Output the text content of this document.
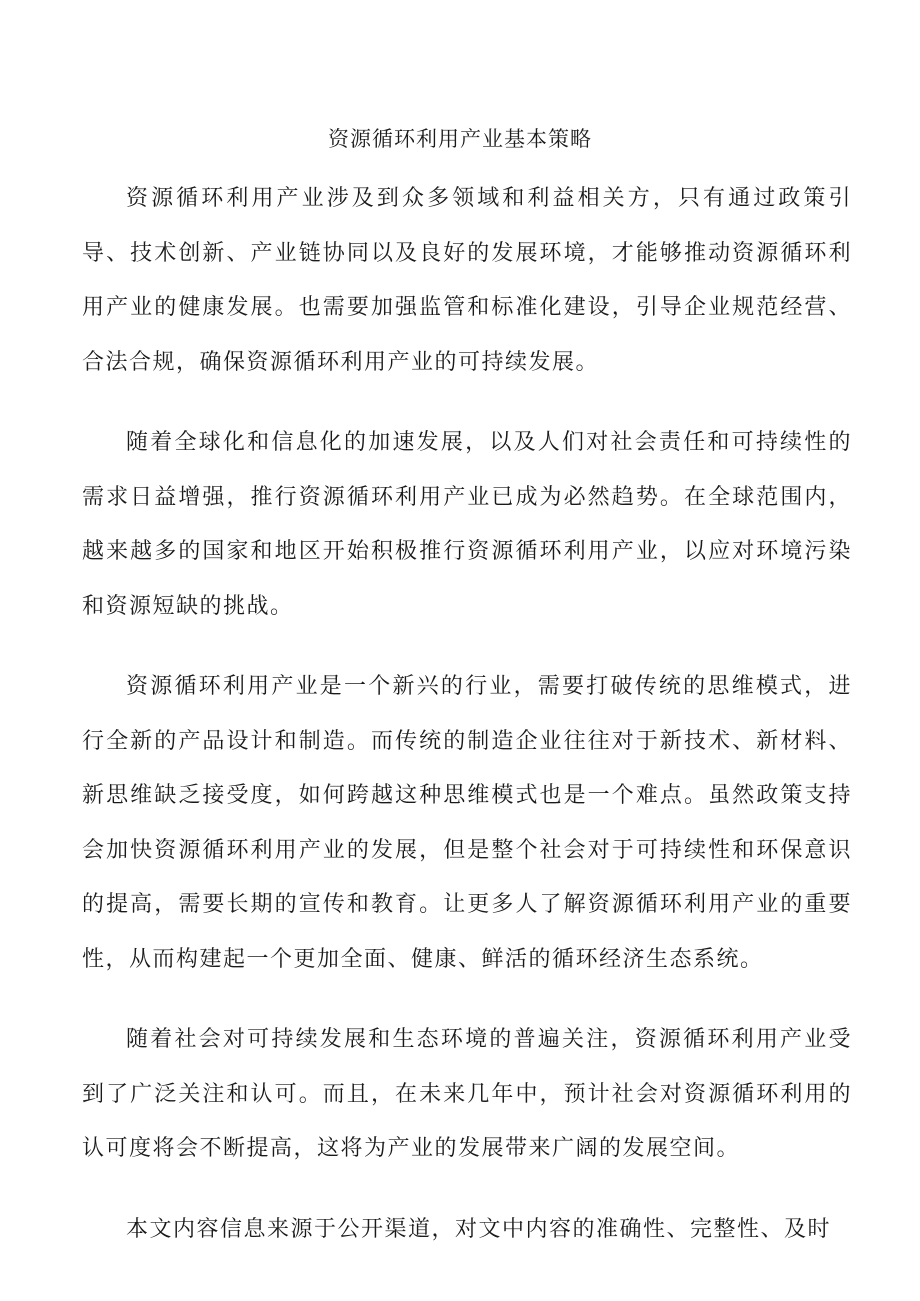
资源循环利用产业基本策略

资源循环利用产业涉及到众多领域和利益相关方，只有通过政策引导、技术创新、产业链协同以及良好的发展环境，才能够推动资源循环利用产业的健康发展。也需要加强监管和标准化建设，引导企业规范经营、合法合规，确保资源循环利用产业的可持续发展。

随着全球化和信息化的加速发展，以及人们对社会责任和可持续性的需求日益增强，推行资源循环利用产业已成为必然趋势。在全球范围内，越来越多的国家和地区开始积极推行资源循环利用产业，以应对环境污染和资源短缺的挑战。

资源循环利用产业是一个新兴的行业，需要打破传统的思维模式，进行全新的产品设计和制造。而传统的制造企业往往对于新技术、新材料、新思维缺乏接受度，如何跨越这种思维模式也是一个难点。虽然政策支持会加快资源循环利用产业的发展，但是整个社会对于可持续性和环保意识的提高，需要长期的宣传和教育。让更多人了解资源循环利用产业的重要性，从而构建起一个更加全面、健康、鲜活的循环经济生态系统。

随着社会对可持续发展和生态环境的普遍关注，资源循环利用产业受到了广泛关注和认可。而且，在未来几年中，预计社会对资源循环利用的认可度将会不断提高，这将为产业的发展带来广阔的发展空间。

本文内容信息来源于公开渠道，对文中内容的准确性、完整性、及时
